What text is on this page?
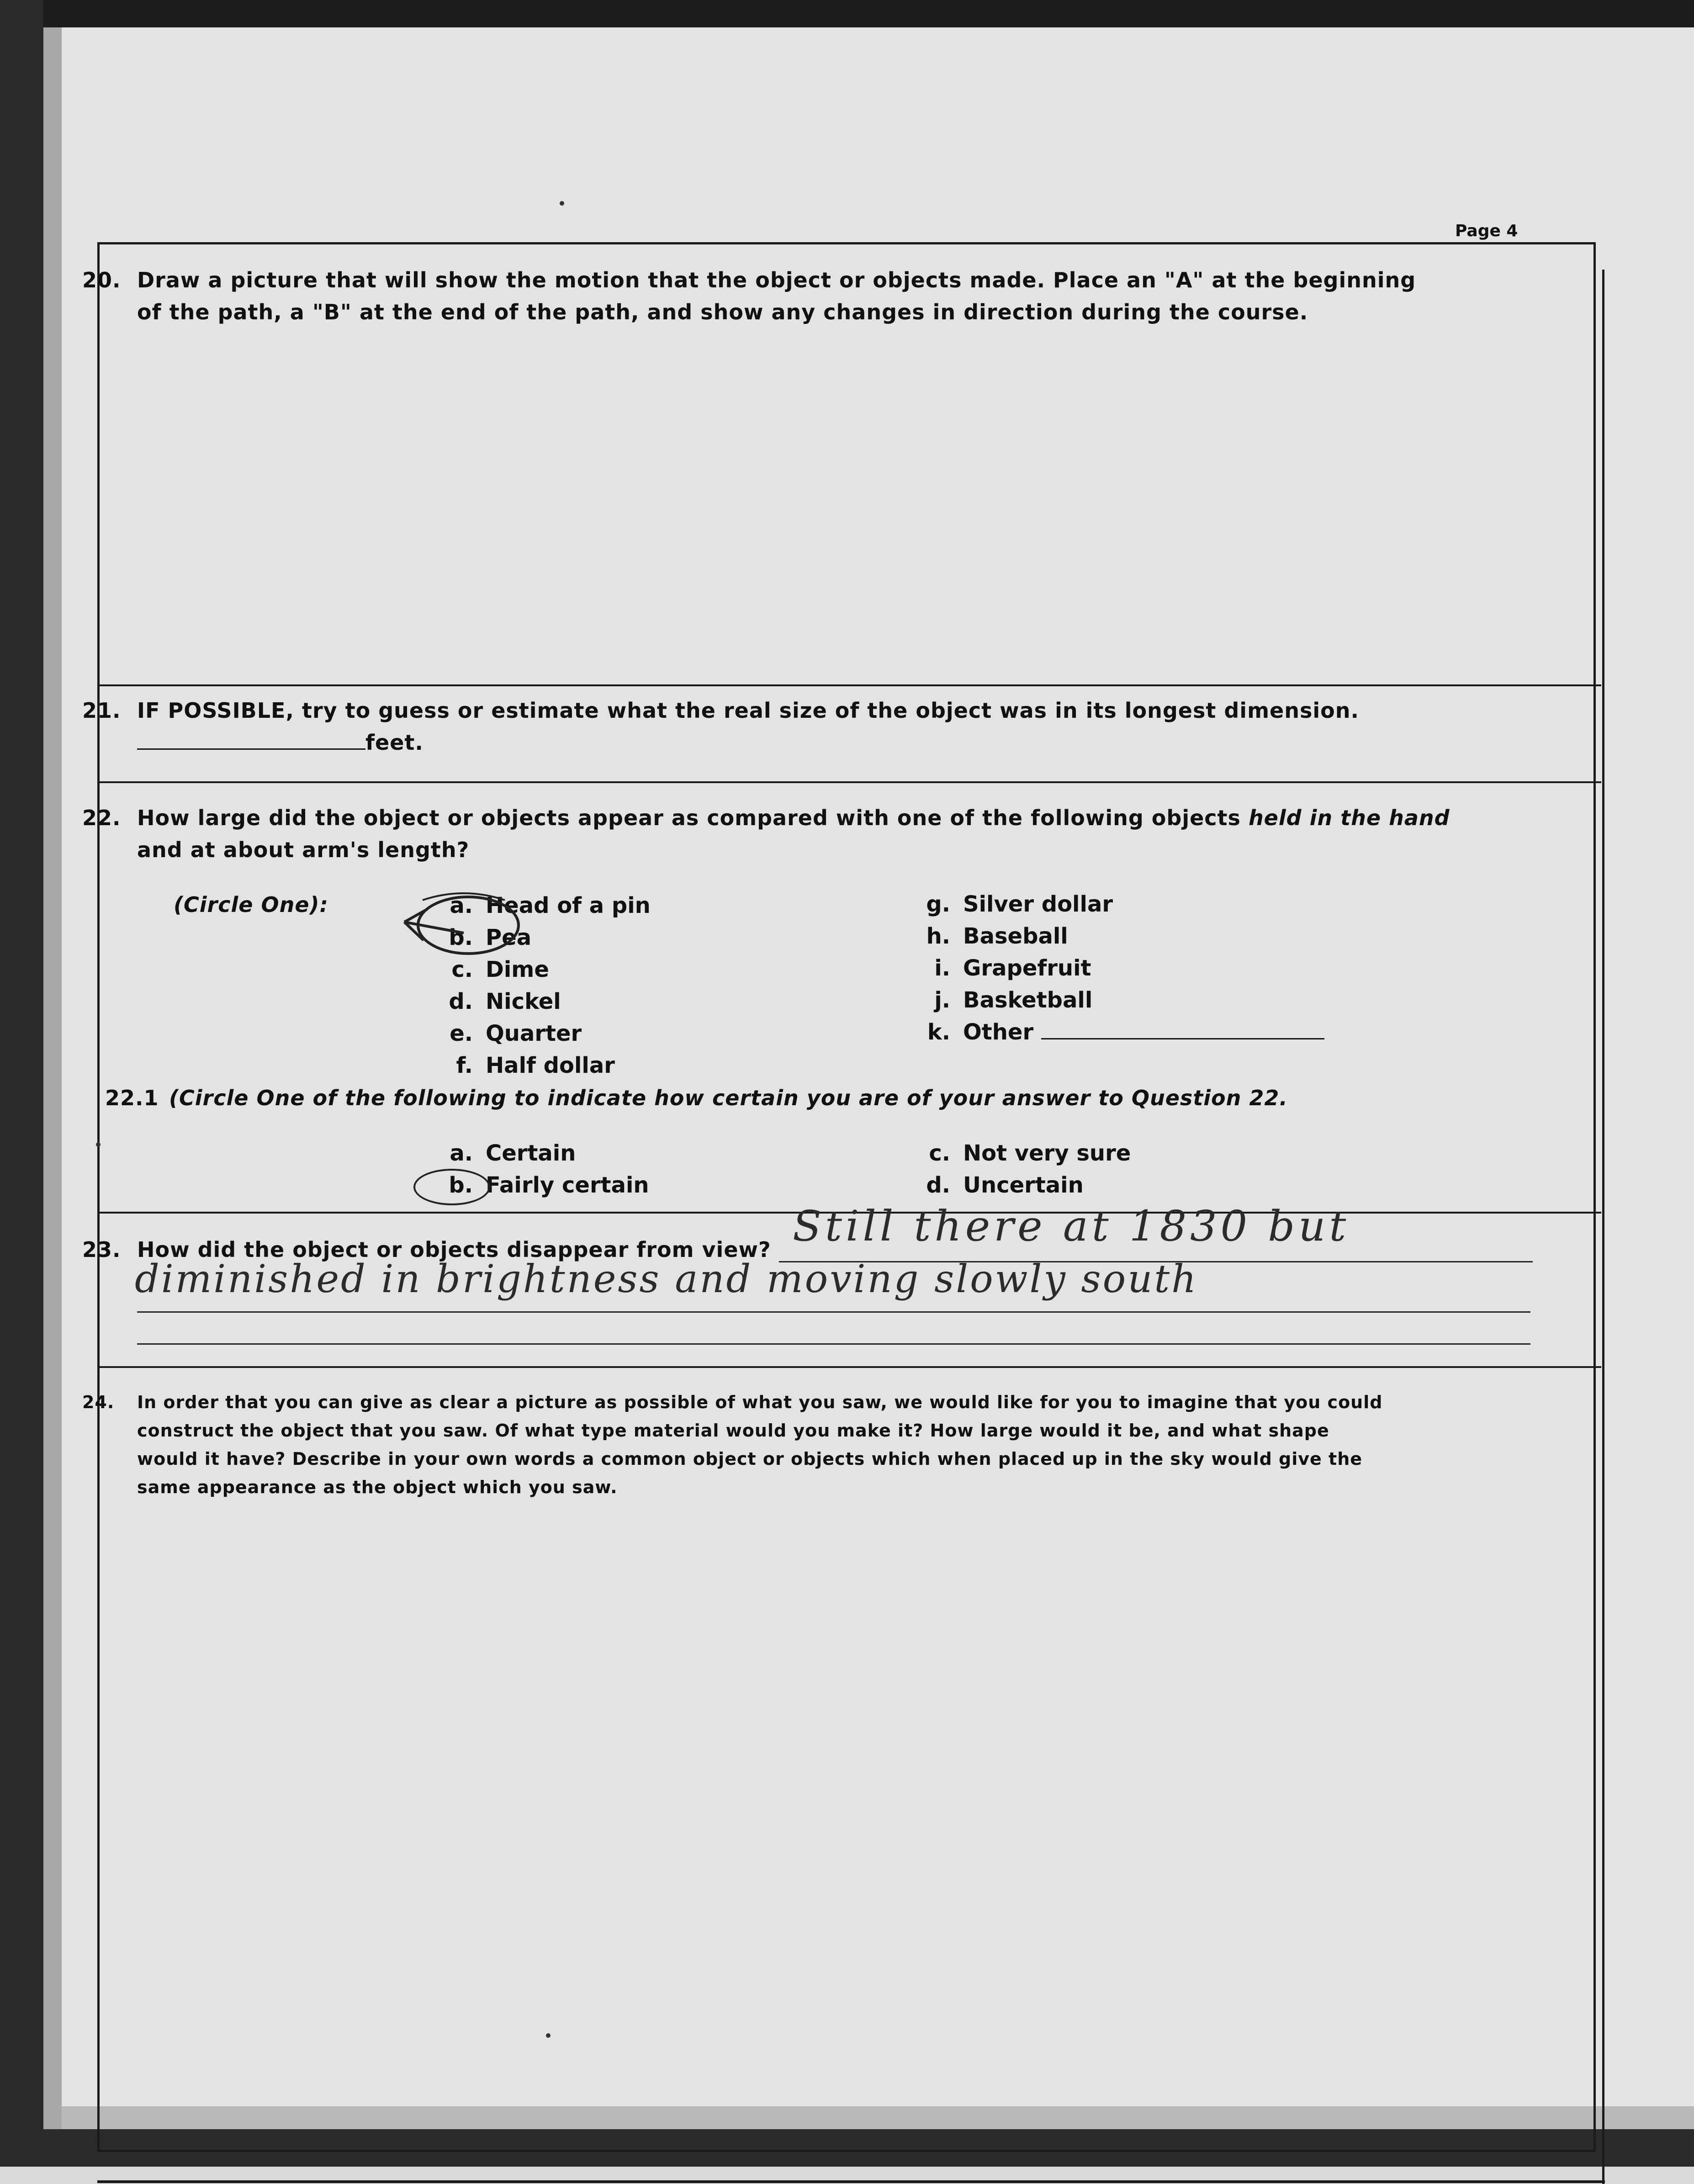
Page 4
20. Draw a picture that will show the motion that the object or objects made. Place an "A" at the beginning
of the path, a "B" at the end of the path, and show any changes in direction during the course.
21. IF POSSIBLE, try to guess or estimate what the real size of the object was in its longest dimension.
feet.
22. How large did the object or objects appear as compared with one of the following objects held in the hand
and at about arm's length?
(Circle One):	a. Head of a pin
b. Pea
c. Dime
d. Nickel
e. Quarter
f. Half dollar
g. Silver dollar
h. Baseball
i. Grapefruit
j. Basketball
k. Other
22.1 (Circle One of the following to indicate how certain you are of your answer to Question 22.
a. Certain
b. Fairly certain
c. Not very sure
d. Uncertain
23. How did the object or objects disappear from view? Still there at 1830 but
diminished in brightness and moving slowly south
24. In order that you can give as clear a picture as possible of what you saw, we would like for you to imagine that you could
construct the object that you saw. Of what type material would you make it? How large would it be, and what shape
would it have? Describe in your own words a common object or objects which when placed up in the sky would give the
same appearance as the object which you saw.
